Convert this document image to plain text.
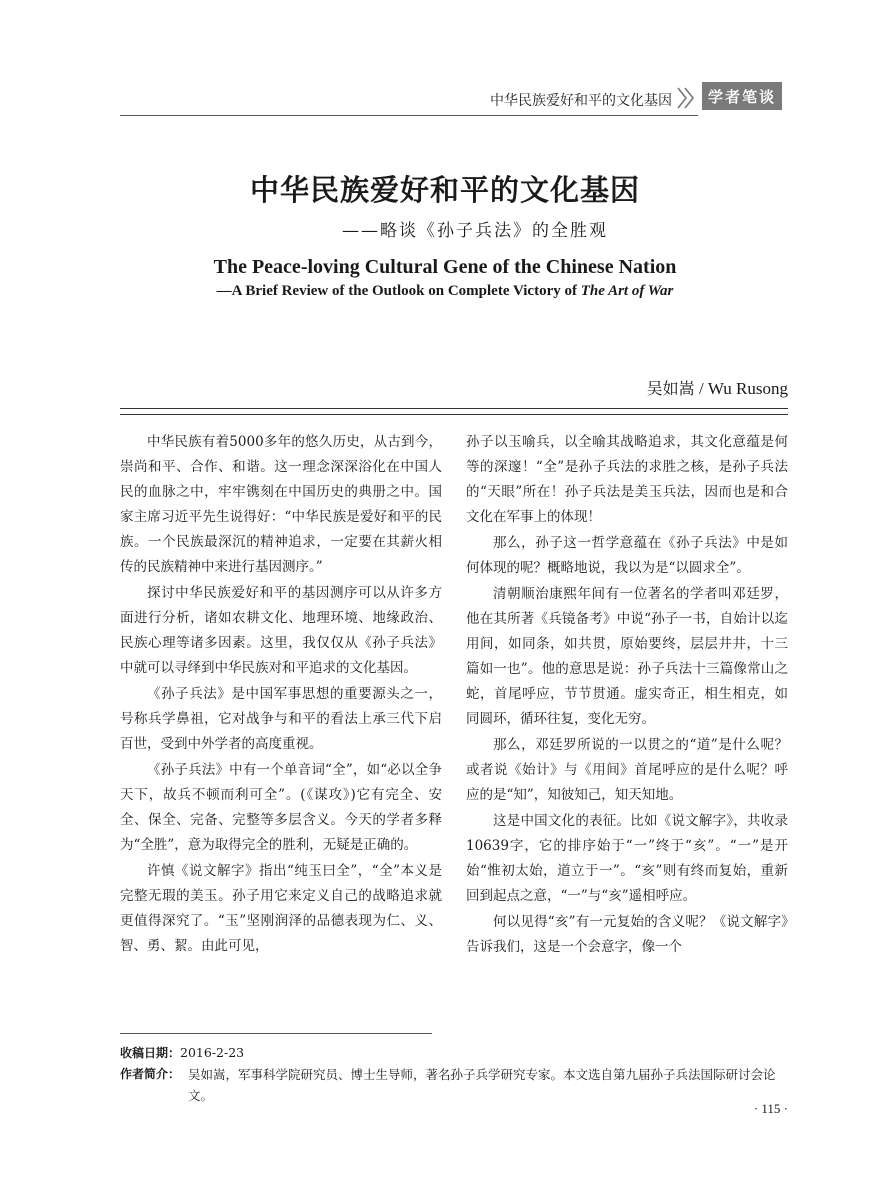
中华民族爱好和平的文化基因	学者笔谈
中华民族爱好和平的文化基因
——略谈《孙子兵法》的全胜观
The Peace-loving Cultural Gene of the Chinese Nation
—A Brief Review of the Outlook on Complete Victory of The Art of War
吴如嵩 / Wu Rusong

中华民族有着5000多年的悠久历史，从古到今，崇尚和平、合作、和谐。这一理念深深浴化在中国人民的血脉之中，牢牢镌刻在中国历史的典册之中。国家主席习近平先生说得好：“中华民族是爱好和平的民族。一个民族最深沉的精神追求，一定要在其薪火相传的民族精神中来进行基因测序。”

探讨中华民族爱好和平的基因测序可以从许多方面进行分析，诸如农耕文化、地理环境、地缘政治、民族心理等诸多因素。这里，我仅仅从《孙子兵法》中就可以寻绎到中华民族对和平追求的文化基因。

《孙子兵法》是中国军事思想的重要源头之一，号称兵学鼻祖，它对战争与和平的看法上承三代下启百世，受到中外学者的高度重视。

《孙子兵法》中有一个单音词“全”，如“必以全争天下，故兵不顿而利可全”。(《谋攻》)它有完全、安全、保全、完备、完整等多层含义。今天的学者多释为“全胜”，意为取得完全的胜利，无疑是正确的。

许慎《说文解字》指出“纯玉曰全”，“全”本义是完整无瑕的美玉。孙子用它来定义自己的战略追求就更值得深究了。“玉”坚刚润泽的品德表现为仁、义、智、勇、絜。由此可见，

孙子以玉喻兵，以全喻其战略追求，其文化意蕴是何等的深邃！“全”是孙子兵法的求胜之核，是孙子兵法的“天眼”所在！孙子兵法是美玉兵法，因而也是和合文化在军事上的体现！

那么，孙子这一哲学意蕴在《孙子兵法》中是如何体现的呢？概略地说，我以为是“以圆求全”。

清朝顺治康熙年间有一位著名的学者叫邓廷罗，他在其所著《兵镜备考》中说“孙子一书，自始计以迄用间，如同条，如共贯，原始要终，层层井井，十三篇如一也”。他的意思是说：孙子兵法十三篇像常山之蛇，首尾呼应，节节贯通。虚实奇正，相生相克，如同圆环，循环往复，变化无穷。

那么，邓廷罗所说的一以贯之的“道”是什么呢？或者说《始计》与《用间》首尾呼应的是什么呢？呼应的是“知”，知彼知己，知天知地。

这是中国文化的表征。比如《说文解字》，共收录10639字，它的排序始于“一”终于“亥”。“一”是开始“惟初太始，道立于一”。“亥”则有终而复始，重新回到起点之意，“一”与“亥”遥相呼应。

何以见得“亥”有一元复始的含义呢？《说文解字》告诉我们，这是一个会意字，像一个

收稿日期：2016-2-23
作者简介： 吴如嵩，军事科学院研究员、博士生导师，著名孙子兵学研究专家。本文选自第九届孙子兵法国际研讨会论文。
· 115 ·
